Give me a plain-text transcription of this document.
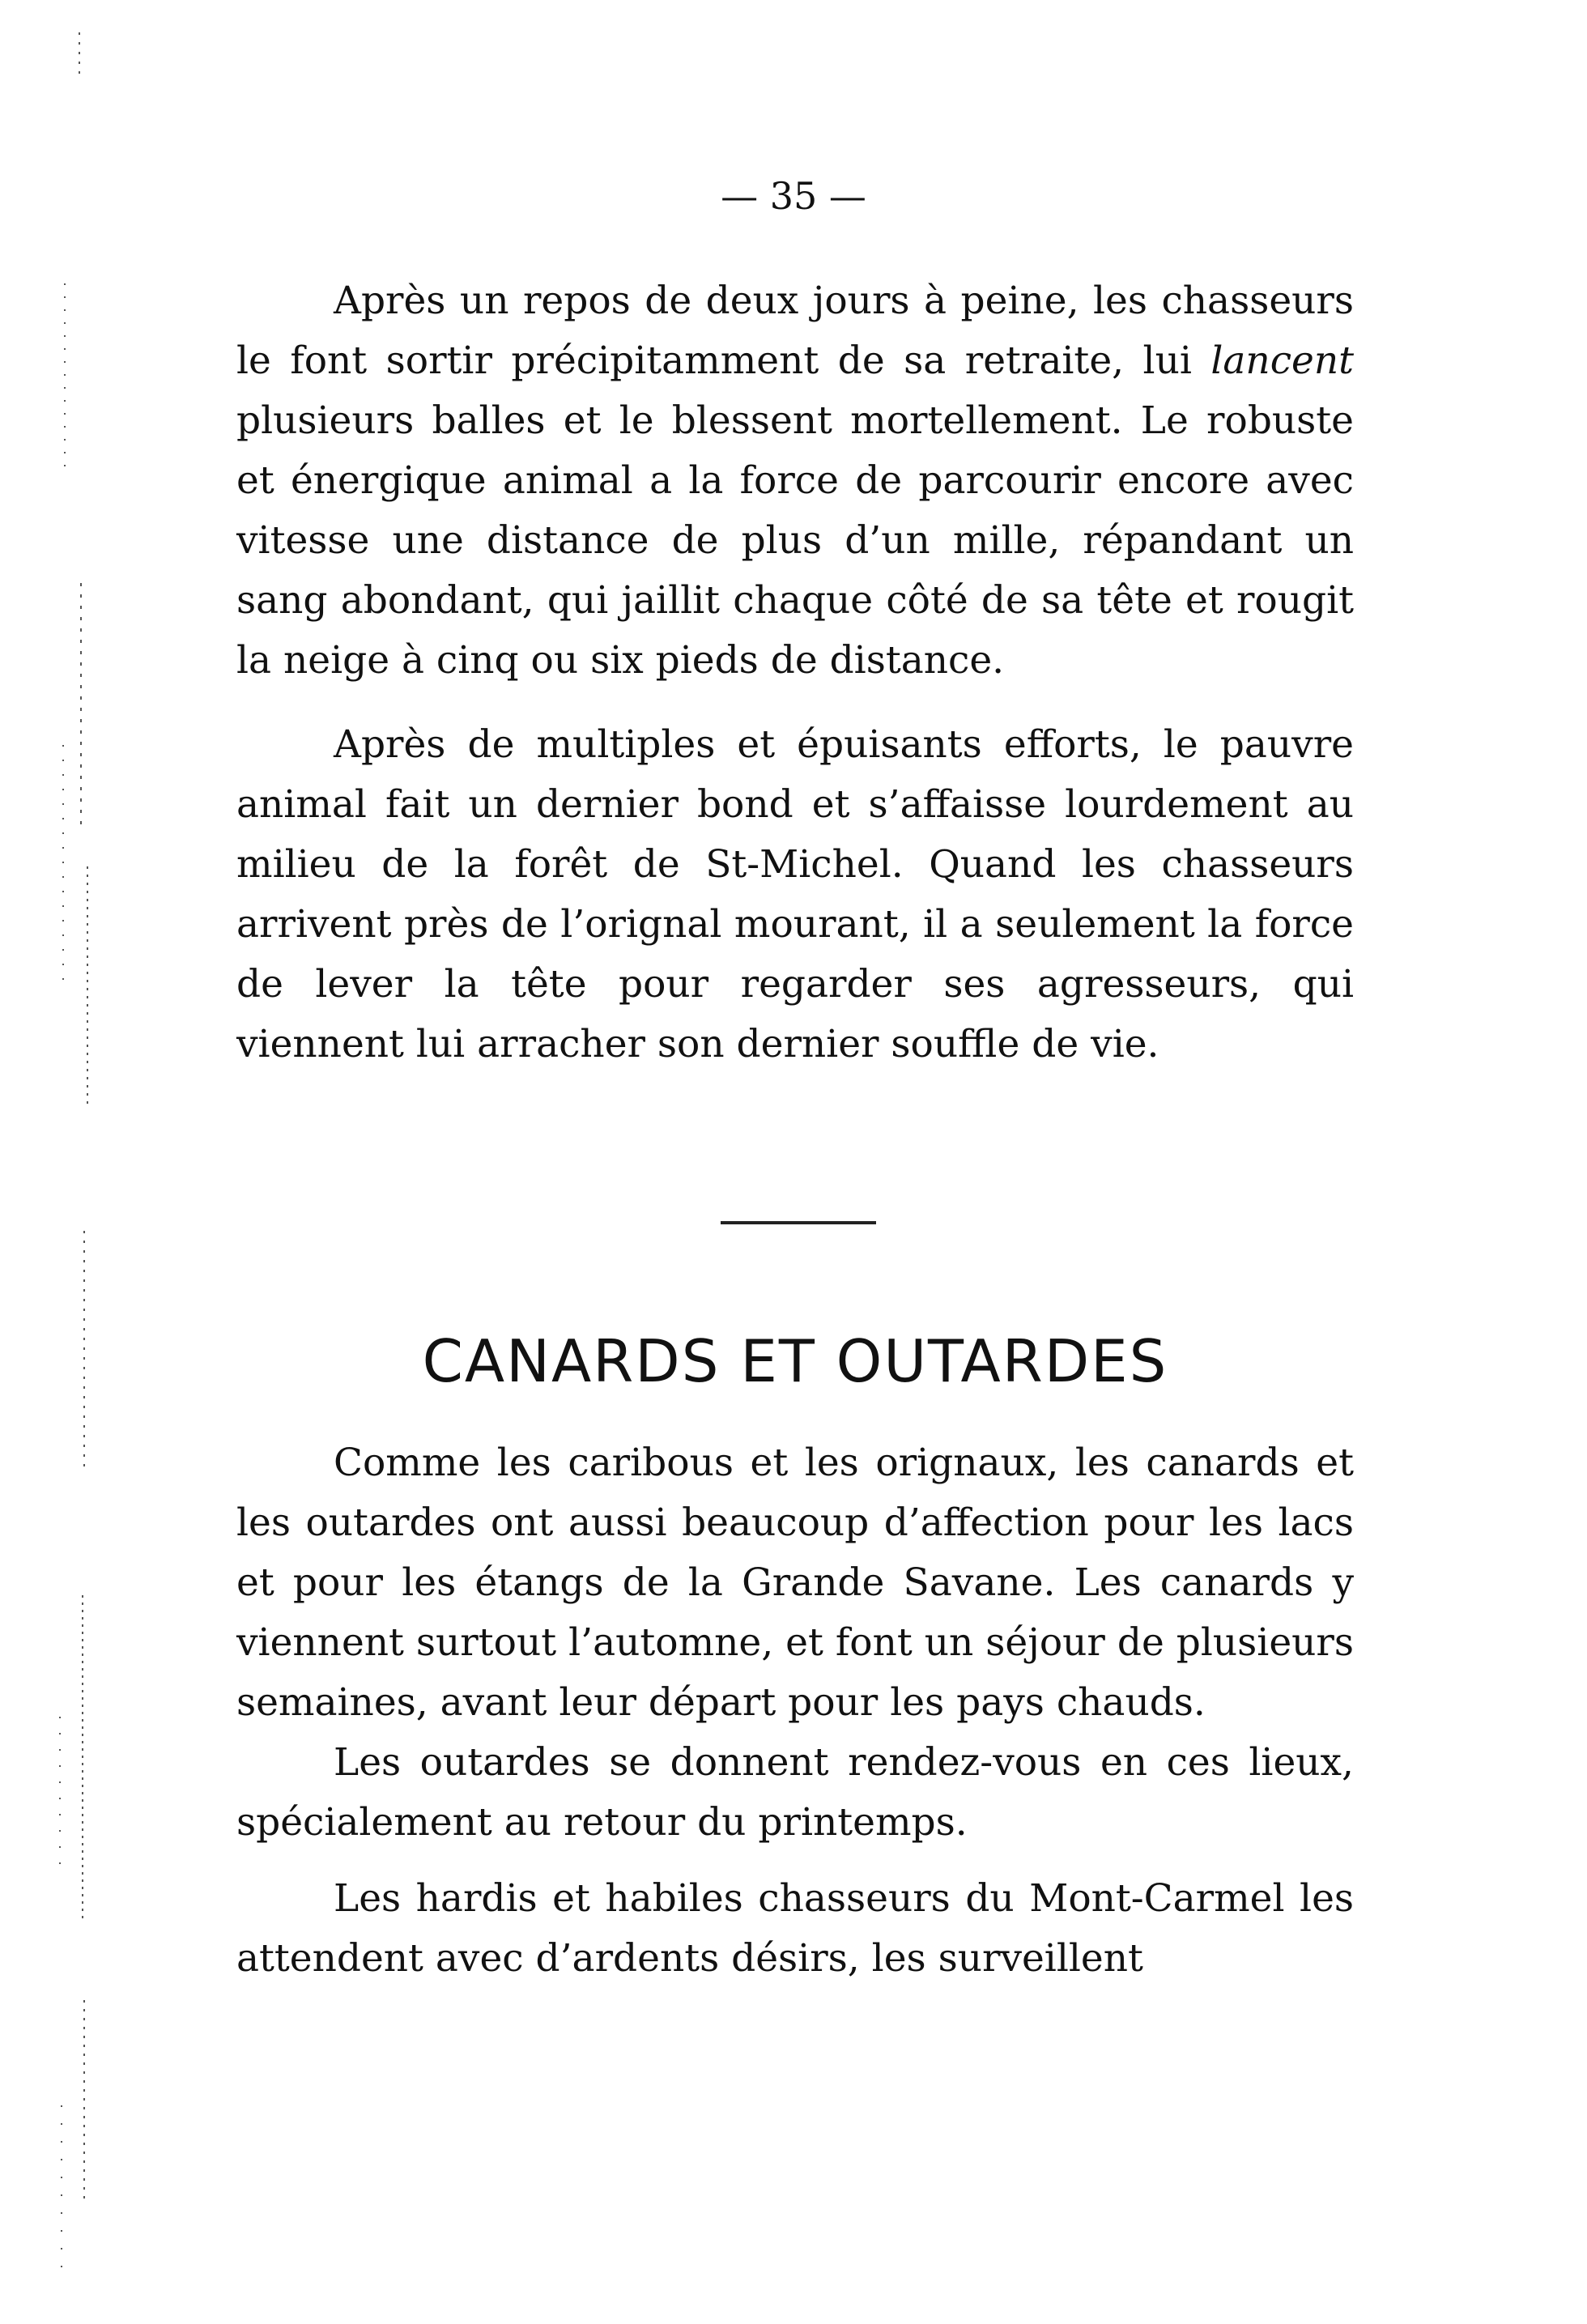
— 35 —

Après un repos de deux jours à peine, les chasseurs le font sortir précipitamment de sa retraite, lui lancent plusieurs balles et le blessent mortellement. Le robuste et énergique animal a la force de parcourir encore avec vitesse une distance de plus d’un mille, répandant un sang abondant, qui jaillit chaque côté de sa tête et rougit la neige à cinq ou six pieds de distance.

Après de multiples et épuisants efforts, le pauvre animal fait un dernier bond et s’affaisse lourdement au milieu de la forêt de St-Michel. Quand les chasseurs arrivent près de l’orignal mourant, il a seulement la force de lever la tête pour regarder ses agresseurs, qui viennent lui arracher son dernier souffle de vie.

CANARDS ET OUTARDES

Comme les caribous et les orignaux, les canards et les outardes ont aussi beaucoup d’affection pour les lacs et pour les étangs de la Grande Savane. Les canards y viennent surtout l’automne, et font un séjour de plusieurs semaines, avant leur départ pour les pays chauds.

Les outardes se donnent rendez-vous en ces lieux, spécialement au retour du printemps.

Les hardis et habiles chasseurs du Mont-Carmel les attendent avec d’ardents désirs, les surveillent
